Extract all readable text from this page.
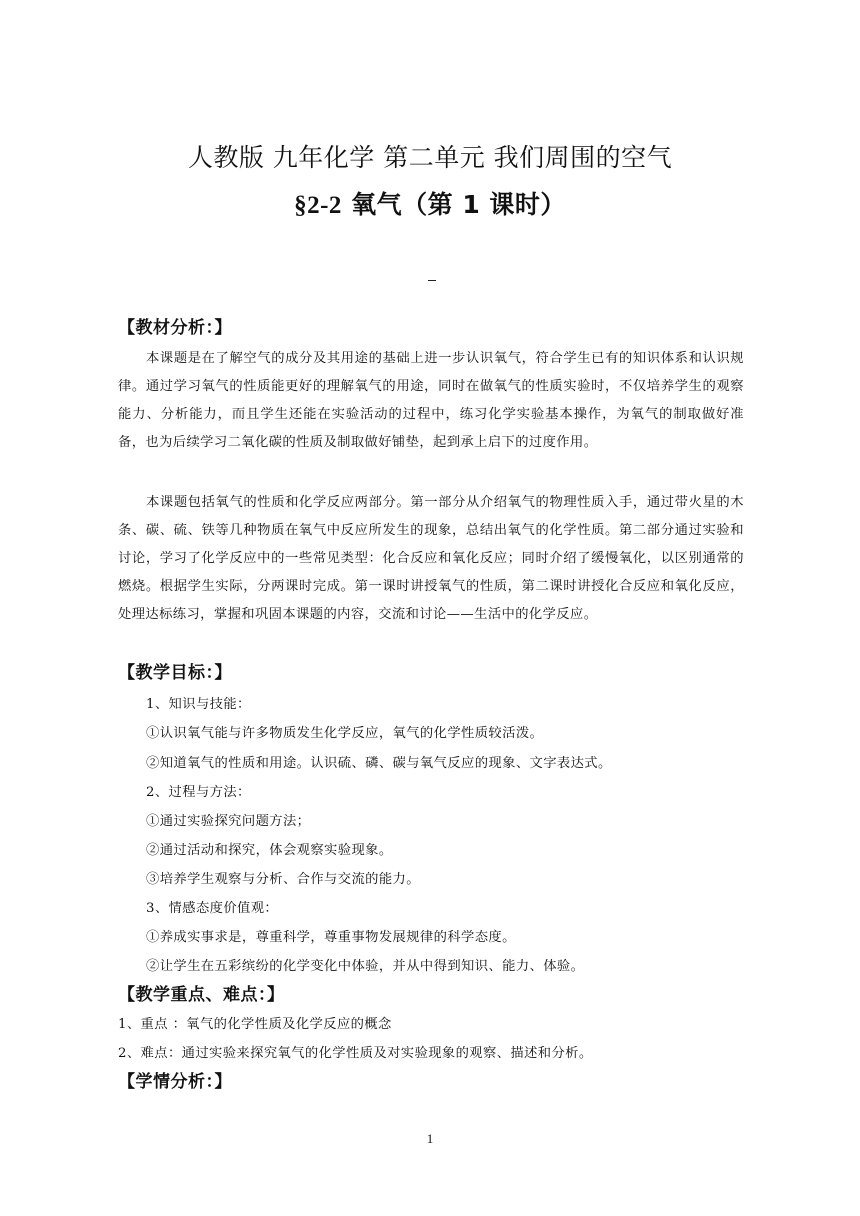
人教版 九年化学 第二单元 我们周围的空气
§2-2 氧气（第 1 课时）
【教材分析：】
本课题是在了解空气的成分及其用途的基础上进一步认识氧气，符合学生已有的知识体系和认识规律。通过学习氧气的性质能更好的理解氧气的用途，同时在做氧气的性质实验时，不仅培养学生的观察能力、分析能力，而且学生还能在实验活动的过程中，练习化学实验基本操作，为氧气的制取做好准备，也为后续学习二氧化碳的性质及制取做好铺垫，起到承上启下的过度作用。
本课题包括氧气的性质和化学反应两部分。第一部分从介绍氧气的物理性质入手，通过带火星的木条、碳、硫、铁等几种物质在氧气中反应所发生的现象，总结出氧气的化学性质。第二部分通过实验和讨论，学习了化学反应中的一些常见类型：化合反应和氧化反应；同时介绍了缓慢氧化，以区别通常的燃烧。根据学生实际，分两课时完成。第一课时讲授氧气的性质，第二课时讲授化合反应和氧化反应，处理达标练习，掌握和巩固本课题的内容，交流和讨论——生活中的化学反应。
【教学目标：】
1、知识与技能：
①认识氧气能与许多物质发生化学反应，氧气的化学性质较活泼。
②知道氧气的性质和用途。认识硫、磷、碳与氧气反应的现象、文字表达式。
2、过程与方法：
①通过实验探究问题方法；
②通过活动和探究，体会观察实验现象。
③培养学生观察与分析、合作与交流的能力。
3、情感态度价值观：
①养成实事求是，尊重科学，尊重事物发展规律的科学态度。
②让学生在五彩缤纷的化学变化中体验，并从中得到知识、能力、体验。
【教学重点、难点：】
1、重点 ：氧气的化学性质及化学反应的概念
2、难点：通过实验来探究氧气的化学性质及对实验现象的观察、描述和分析。
【学情分析：】
1
